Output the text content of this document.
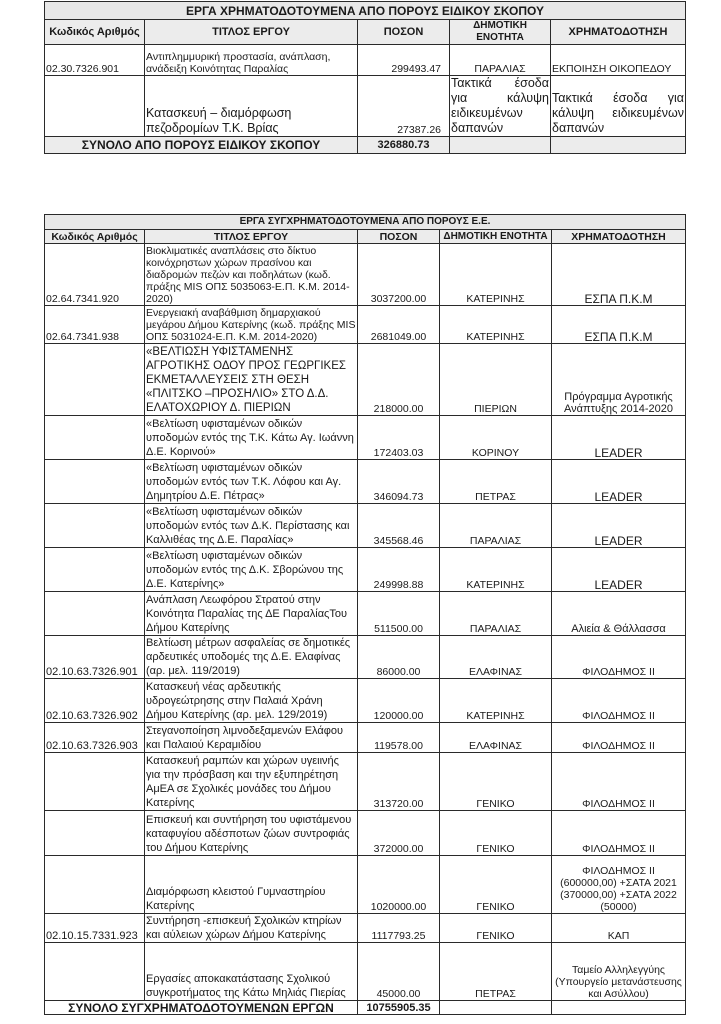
ΕΡΓΑ ΧΡΗΜΑΤΟΔΟΤΟΥΜΕΝΑ ΑΠΟ ΠΟΡΟΥΣ ΕΙΔΙΚΟΥ ΣΚΟΠΟΥ				
Κωδικός Αριθμός	ΤΙΤΛΟΣ ΕΡΓΟΥ	ΠΟΣΟΝ	ΔΗΜΟΤΙΚΗ ΕΝΟΤΗΤΑ	ΧΡΗΜΑΤΟΔΟΤΗΣΗ
02.30.7326.901	Αντιπλημμυρική προστασία, ανάπλαση, ανάδειξη Κοινότητας Παραλίας	299493.47	ΠΑΡΑΛΙΑΣ	ΕΚΠΟΙΗΣΗ ΟΙΚΟΠΕΔΟΥ
	Κατασκευή – διαμόρφωση πεζοδρομίων Τ.Κ. Βρίας	27387.26	Τακτικά έσοδα για κάλυψη ειδικευμένων δαπανών	Τακτικά έσοδα για κάλυψη ειδικευμένων δαπανών
ΣΥΝΟΛΟ ΑΠΟ ΠΟΡΟΥΣ ΕΙΔΙΚΟΥ ΣΚΟΠΟΥ		326880.73		
ΕΡΓΑ ΣΥΓΧΡΗΜΑΤΟΔΟΤΟΥΜΕΝΑ ΑΠΟ ΠΟΡΟΥΣ Ε.Ε.				
Κωδικός Αριθμός	ΤΙΤΛΟΣ ΕΡΓΟΥ	ΠΟΣΟΝ	ΔΗΜΟΤΙΚΗ ΕΝΟΤΗΤΑ	ΧΡΗΜΑΤΟΔΟΤΗΣΗ
02.64.7341.920	Βιοκλιματικές αναπλάσεις στο δίκτυο κοινόχρηστων χώρων πρασίνου και διαδρομών πεζών και ποδηλάτων (κωδ. πράξης MIS ΟΠΣ 5035063-Ε.Π. Κ.Μ. 2014-2020)	3037200.00	ΚΑΤΕΡΙΝΗΣ	ΕΣΠΑ Π.Κ.Μ
02.64.7341.938	Ενεργειακή αναβάθμιση δημαρχιακού μεγάρου Δήμου Κατερίνης (κωδ. πράξης MIS ΟΠΣ 5031024-Ε.Π. Κ.Μ. 2014-2020)	2681049.00	ΚΑΤΕΡΙΝΗΣ	ΕΣΠΑ Π.Κ.Μ
	«ΒΕΛΤΙΩΣΗ ΥΦΙΣΤΑΜΕΝΗΣ ΑΓΡΟΤΙΚΗΣ ΟΔΟΥ ΠΡΟΣ ΓΕΩΡΓΙΚΕΣ ΕΚΜΕΤΑΛΛΕΥΣΕΙΣ ΣΤΗ ΘΕΣΗ «ΠΛΙΤΣΚΟ –ΠΡΟΣΗΛΙΟ» ΣΤΟ Δ.Δ. ΕΛΑΤΟΧΩΡΙΟΥ Δ. ΠΙΕΡΙΩΝ	218000.00	ΠΙΕΡΙΩΝ	Πρόγραμμα Αγροτικής Ανάπτυξης 2014-2020
	«Βελτίωση υφισταμένων οδικών υποδομών εντός της Τ.Κ. Κάτω Αγ. Ιωάννη Δ.Ε. Κορινού»	172403.03	ΚΟΡΙΝΟΥ	LEADER
	«Βελτίωση υφισταμένων οδικών υποδομών εντός των Τ.Κ. Λόφου και Αγ. Δημητρίου Δ.Ε. Πέτρας»	346094.73	ΠΕΤΡΑΣ	LEADER
	«Βελτίωση υφισταμένων οδικών υποδομών εντός των Δ.Κ. Περίστασης και Καλλιθέας της Δ.Ε. Παραλίας»	345568.46	ΠΑΡΑΛΙΑΣ	LEADER
	«Βελτίωση υφισταμένων οδικών υποδομών εντός της Δ.Κ. Σβορώνου της Δ.Ε. Κατερίνης»	249998.88	ΚΑΤΕΡΙΝΗΣ	LEADER
	Ανάπλαση Λεωφόρου Στρατού στην Κοινότητα Παραλίας της ΔΕ ΠαραλίαςΤου Δήμου Κατερίνης	511500.00	ΠΑΡΑΛΙΑΣ	Αλιεία & Θάλλασσα
02.10.63.7326.901	Βελτίωση μέτρων ασφαλείας σε δημοτικές αρδευτικές υποδομές της Δ.Ε. Ελαφίνας (αρ. μελ. 119/2019)	86000.00	ΕΛΑΦΙΝΑΣ	ΦΙΛΟΔΗΜΟΣ ΙΙ
02.10.63.7326.902	Κατασκευή νέας αρδευτικής υδρογεώτρησης στην Παλαιά Χράνη Δήμου Κατερίνης (αρ. μελ. 129/2019)	120000.00	ΚΑΤΕΡΙΝΗΣ	ΦΙΛΟΔΗΜΟΣ ΙΙ
02.10.63.7326.903	Στεγανοποίηση λιμνοδεξαμενών Ελάφου και Παλαιού Κεραμιδίου	119578.00	ΕΛΑΦΙΝΑΣ	ΦΙΛΟΔΗΜΟΣ ΙΙ
	Κατασκευή ραμπών και χώρων υγειινής για την πρόσβαση και την εξυπηρέτηση ΑμΕΑ σε Σχολικές μονάδες του Δήμου Κατερίνης	313720.00	ΓΕΝΙΚΟ	ΦΙΛΟΔΗΜΟΣ ΙΙ
	Επισκευή και συντήρηση του υφιστάμενου καταφυγίου αδέσποτων ζώων συντροφιάς του Δήμου Κατερίνης	372000.00	ΓΕΝΙΚΟ	ΦΙΛΟΔΗΜΟΣ ΙΙ
	Διαμόρφωση κλειστού Γυμναστηρίου Κατερίνης	1020000.00	ΓΕΝΙΚΟ	ΦΙΛΟΔΗΜΟΣ ΙΙ (600000,00) +ΣΑΤΑ 2021 (370000,00) +ΣΑΤΑ 2022 (50000)
02.10.15.7331.923	Συντήρηση -επισκευή Σχολικών κτηρίων και αύλειων χώρων Δήμου Κατερίνης	1117793.25	ΓΕΝΙΚΟ	ΚΑΠ
	Εργασίες αποκακατάστασης Σχολικού συγκροτήματος της Κάτω Μηλιάς Πιερίας	45000.00	ΠΕΤΡΑΣ	Ταμείο Αλληλεγγύης (Υπουργείο μετανάστευσης και Ασύλλου)
ΣΥΝΟΛΟ ΣΥΓΧΡΗΜΑΤΟΔΟΤΟΥΜΕΝΩΝ ΕΡΓΩΝ		10755905.35		
